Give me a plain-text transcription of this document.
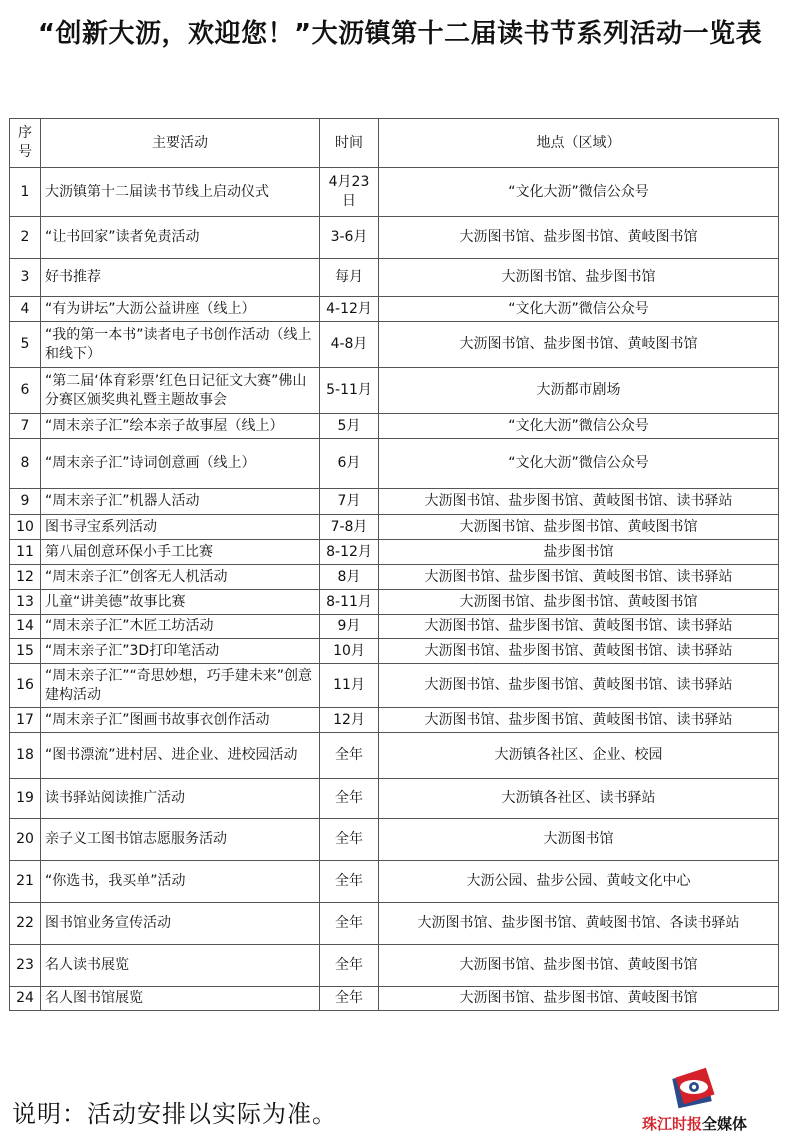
“创新大沥，欢迎您！”大沥镇第十二届读书节系列活动一览表
序号	主要活动	时间	地点（区域）
1	大沥镇第十二届读书节线上启动仪式	4月23日	“文化大沥”微信公众号
2	“让书回家”读者免责活动	3-6月	大沥图书馆、盐步图书馆、黄岐图书馆
3	好书推荐	每月	大沥图书馆、盐步图书馆
4	“有为讲坛”大沥公益讲座（线上）	4-12月	“文化大沥”微信公众号
5	“我的第一本书”读者电子书创作活动（线上和线下）	4-8月	大沥图书馆、盐步图书馆、黄岐图书馆
6	“第二届‘体育彩票’红色日记征文大赛”佛山分赛区颁奖典礼暨主题故事会	5-11月	大沥都市剧场
7	“周末亲子汇”绘本亲子故事屋（线上）	5月	“文化大沥”微信公众号
8	“周末亲子汇”诗词创意画（线上）	6月	“文化大沥”微信公众号
9	“周末亲子汇”机器人活动	7月	大沥图书馆、盐步图书馆、黄岐图书馆、读书驿站
10	图书寻宝系列活动	7-8月	大沥图书馆、盐步图书馆、黄岐图书馆
11	第八届创意环保小手工比赛	8-12月	盐步图书馆
12	“周末亲子汇”创客无人机活动	8月	大沥图书馆、盐步图书馆、黄岐图书馆、读书驿站
13	儿童“讲美德”故事比赛	8-11月	大沥图书馆、盐步图书馆、黄岐图书馆
14	“周末亲子汇”木匠工坊活动	9月	大沥图书馆、盐步图书馆、黄岐图书馆、读书驿站
15	“周末亲子汇”3D打印笔活动	10月	大沥图书馆、盐步图书馆、黄岐图书馆、读书驿站
16	“周末亲子汇”“奇思妙想，巧手建未来”创意建构活动	11月	大沥图书馆、盐步图书馆、黄岐图书馆、读书驿站
17	“周末亲子汇”图画书故事衣创作活动	12月	大沥图书馆、盐步图书馆、黄岐图书馆、读书驿站
18	“图书漂流”进村居、进企业、进校园活动	全年	大沥镇各社区、企业、校园
19	读书驿站阅读推广活动	全年	大沥镇各社区、读书驿站
20	亲子义工图书馆志愿服务活动	全年	大沥图书馆
21	“你选书，我买单”活动	全年	大沥公园、盐步公园、黄岐文化中心
22	图书馆业务宣传活动	全年	大沥图书馆、盐步图书馆、黄岐图书馆、各读书驿站
23	名人读书展览	全年	大沥图书馆、盐步图书馆、黄岐图书馆
24	名人图书馆展览	全年	大沥图书馆、盐步图书馆、黄岐图书馆
说明：活动安排以实际为准。	珠江时报全媒体
